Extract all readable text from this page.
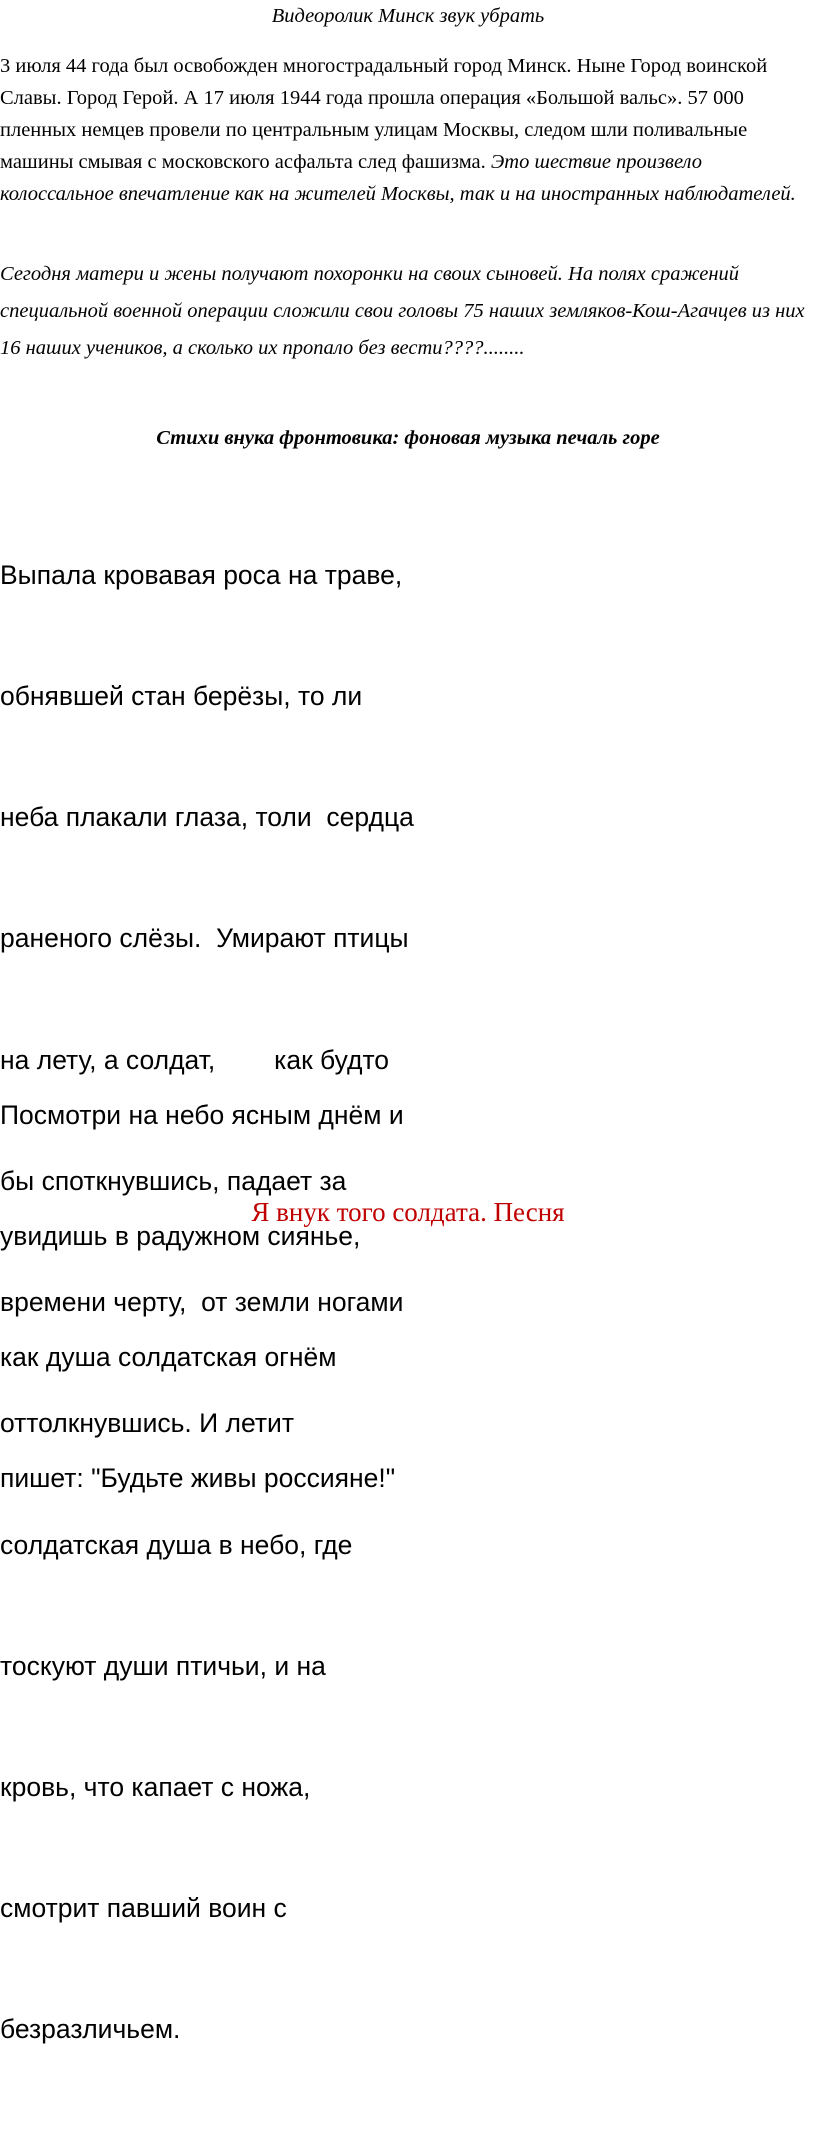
Видеоролик Минск звук убрать

3 июля 44 года был освобожден многострадальный город Минск. Ныне Город воинской Славы. Город Герой. А 17 июля 1944 года прошла операция «Большой вальс». 57 000 пленных немцев провели по центральным улицам Москвы, следом шли поливальные машины смывая с московского асфальта след фашизма. Это шествие произвело колоссальное впечатление как на жителей Москвы, так и на иностранных наблюдателей.

Сегодня матери и жены получают похоронки на своих сыновей. На полях сражений специальной военной операции сложили свои головы 75 наших земляков-Кош-Агачцев из них 16 наших учеников, а сколько их пропало без вести????........

Стихи внука фронтовика: фоновая музыка печаль горе

Выпала кровавая роса на траве,

обнявшей стан берёзы, то ли

неба плакали глаза, толи  сердца

раненого слёзы.  Умирают птицы

на лету, а солдат,        как будто

бы споткнувшись, падает за

времени черту,  от земли ногами

оттолкнувшись. И летит

солдатская душа в небо, где

тоскуют души птичьи, и на

кровь, что капает с ножа,

смотрит павший воин с

безразличьем.

Посмотри на небо ясным днём и

увидишь в радужном сиянье,

как душа солдатская огнём

пишет: "Будьте живы россияне!"

Я внук того солдата. Песня
